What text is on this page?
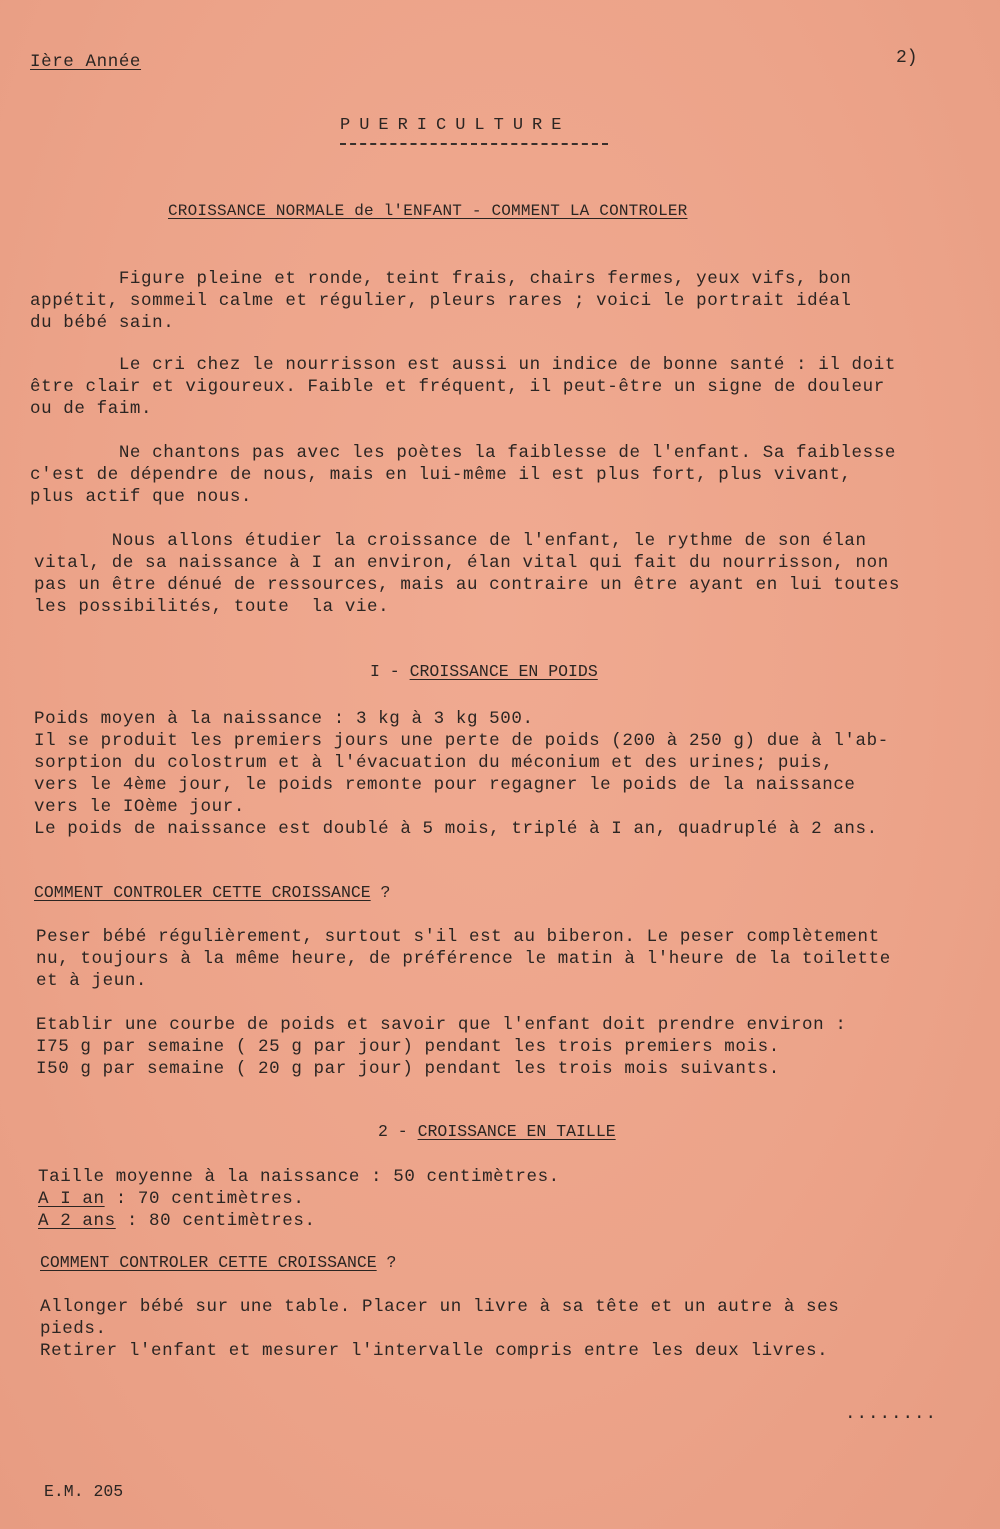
Ière Année	2)
PUERICULTURE
CROISSANCE NORMALE de l'ENFANT - COMMENT LA CONTROLER
Figure pleine et ronde, teint frais, chairs fermes, yeux vifs, bon
appétit, sommeil calme et régulier, pleurs rares ; voici le portrait idéal
du bébé sain.
Le cri chez le nourrisson est aussi un indice de bonne santé : il doit
être clair et vigoureux. Faible et fréquent, il peut-être un signe de douleur
ou de faim.
Ne chantons pas avec les poètes la faiblesse de l'enfant. Sa faiblesse
c'est de dépendre de nous, mais en lui-même il est plus fort, plus vivant,
plus actif que nous.
Nous allons étudier la croissance de l'enfant, le rythme de son élan
vital, de sa naissance à I an environ, élan vital qui fait du nourrisson, non
pas un être dénué de ressources, mais au contraire un être ayant en lui toutes
les possibilités, toute  la vie.
I - CROISSANCE EN POIDS
Poids moyen à la naissance : 3 kg à 3 kg 500.
Il se produit les premiers jours une perte de poids (200 à 250 g) due à l'ab-
sorption du colostrum et à l'évacuation du méconium et des urines; puis,
vers le 4ème jour, le poids remonte pour regagner le poids de la naissance
vers le IOème jour.
Le poids de naissance est doublé à 5 mois, triplé à I an, quadruplé à 2 ans.
COMMENT CONTROLER CETTE CROISSANCE ?
Peser bébé régulièrement, surtout s'il est au biberon. Le peser complètement
nu, toujours à la même heure, de préférence le matin à l'heure de la toilette
et à jeun.
Etablir une courbe de poids et savoir que l'enfant doit prendre environ :
I75 g par semaine ( 25 g par jour) pendant les trois premiers mois.
I50 g par semaine ( 20 g par jour) pendant les trois mois suivants.
2 - CROISSANCE EN TAILLE
Taille moyenne à la naissance : 50 centimètres.
A I an : 70 centimètres.
A 2 ans : 80 centimètres.
COMMENT CONTROLER CETTE CROISSANCE ?
Allonger bébé sur une table. Placer un livre à sa tête et un autre à ses
pieds.
Retirer l'enfant et mesurer l'intervalle compris entre les deux livres.
........
E.M. 205
